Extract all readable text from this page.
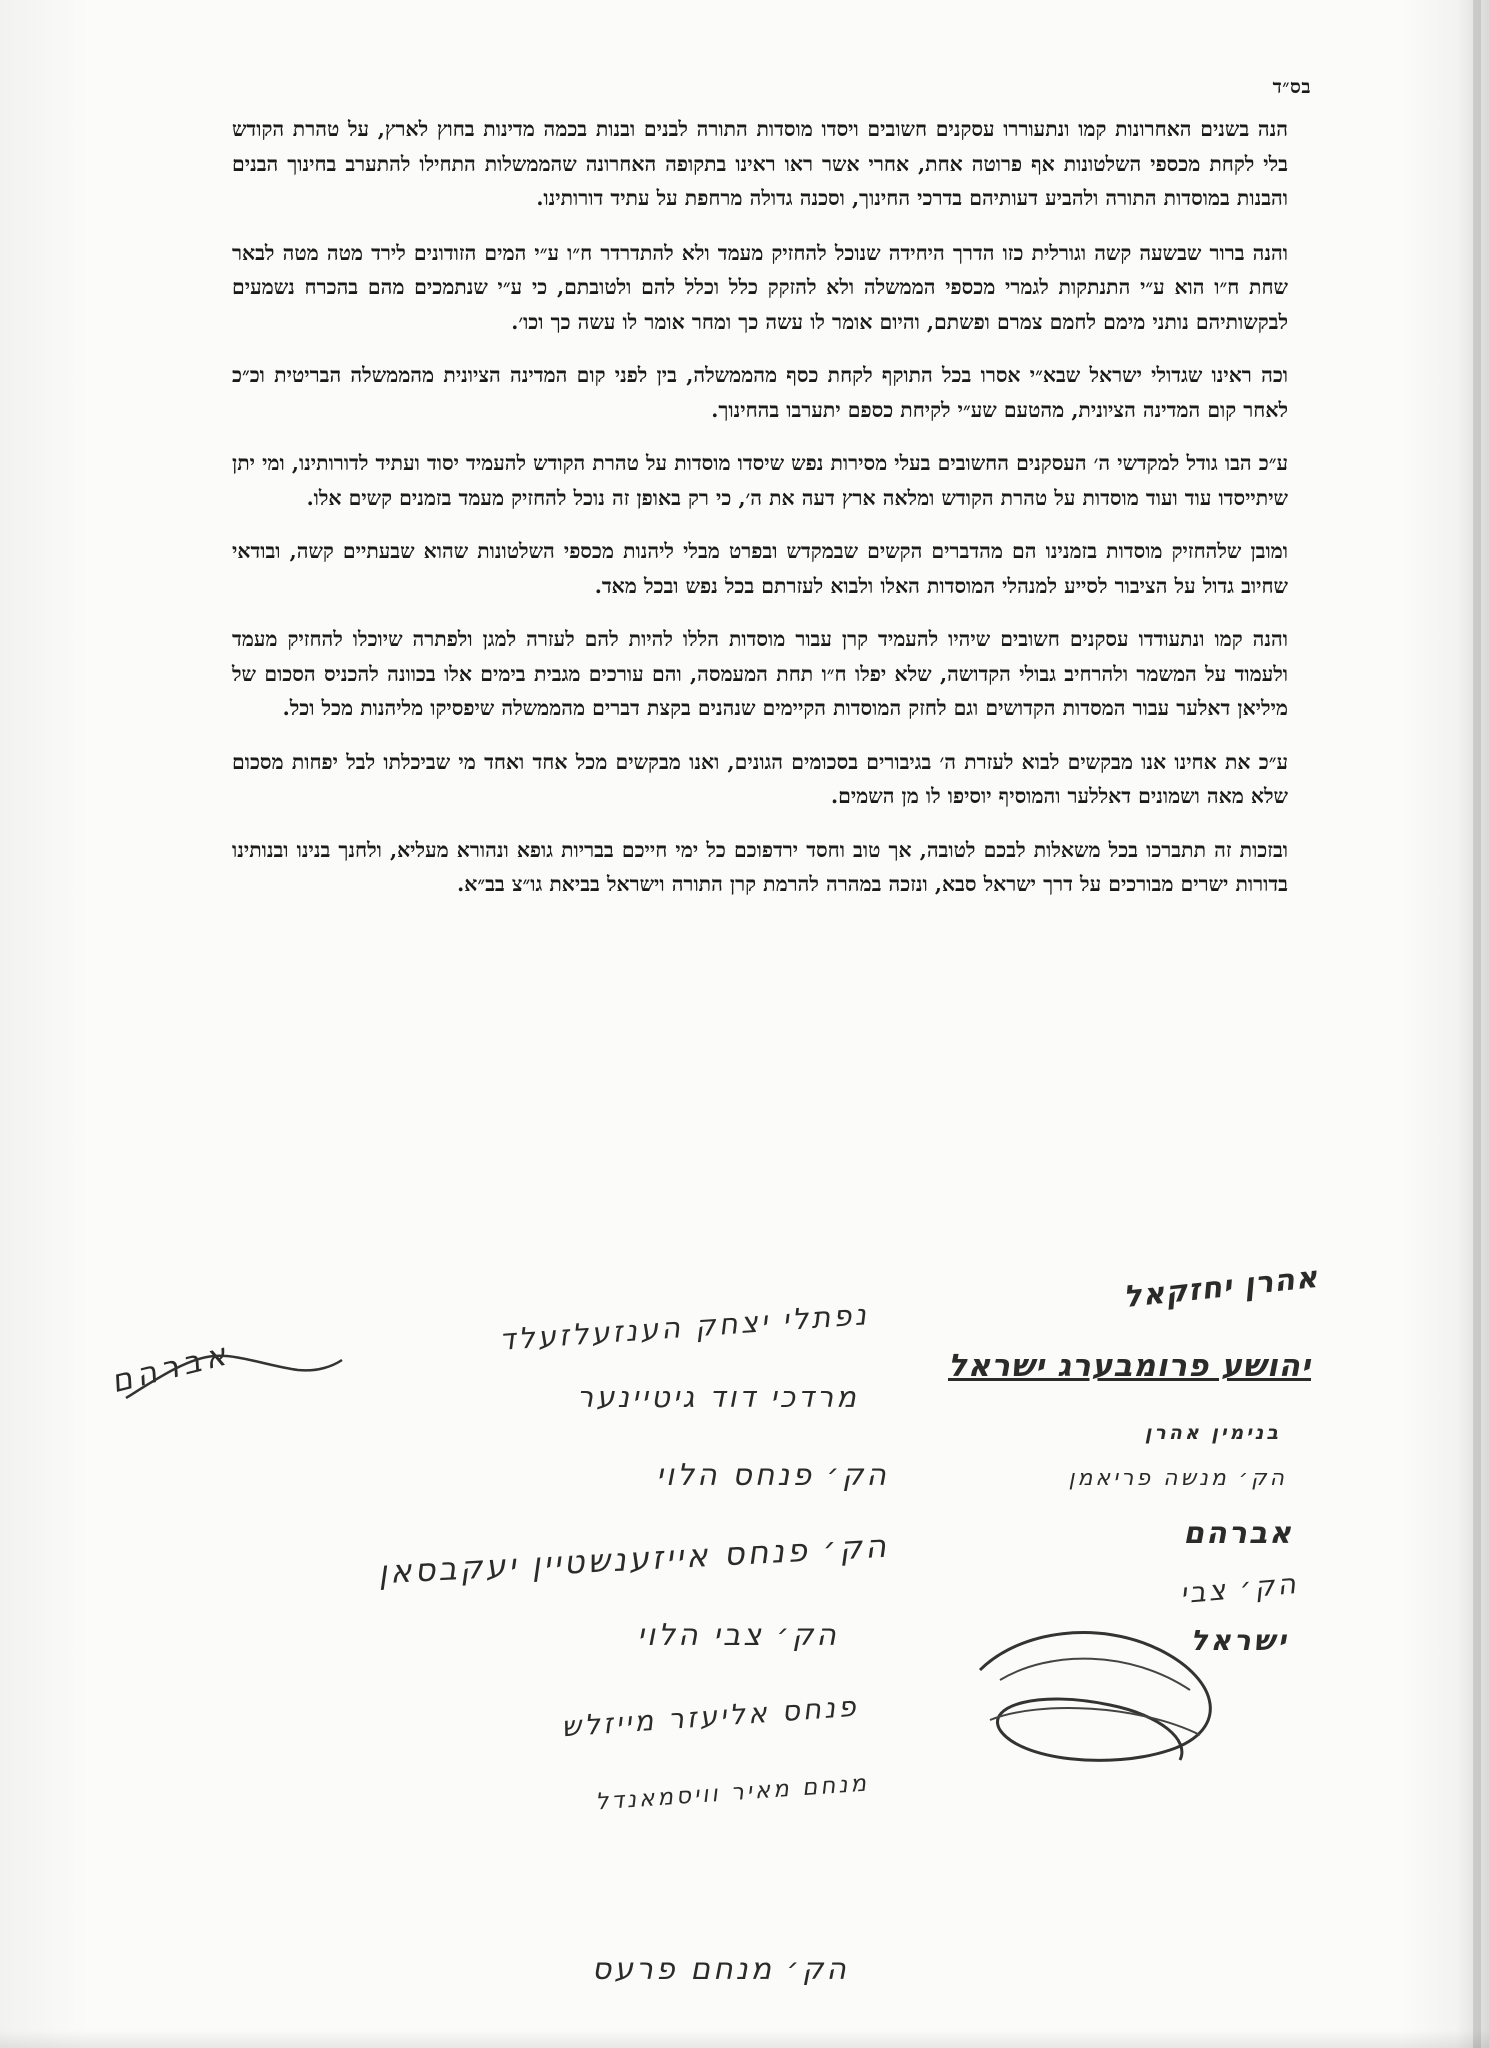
בס״ד

הנה בשנים האחרונות קמו ונתעוררו עסקנים חשובים ויסדו מוסדות התורה לבנים ובנות בכמה מדינות בחוץ לארץ, על טהרת הקודש בלי לקחת מכספי השלטונות אף פרוטה אחת, אחרי אשר ראו ראינו בתקופה האחרונה שהממשלות התחילו להתערב בחינוך הבנים והבנות במוסדות התורה ולהביע דעותיהם בדרכי החינוך, וסכנה גדולה מרחפת על עתיד דורותינו.

והנה ברור שבשעה קשה וגורלית כזו הדרך היחידה שנוכל להחזיק מעמד ולא להתדרדר ח״ו ע״י המים הזודונים לירד מטה מטה לבאר שחת ח״ו הוא ע״י התנתקות לגמרי מכספי הממשלה ולא להזקק כלל וכלל להם ולטובתם, כי ע״י שנתמכים מהם בהכרח נשמעים לבקשותיהם נותני מימם לחמם צמרם ופשתם, והיום אומר לו עשה כך ומחר אומר לו עשה כך וכו׳.

וכה ראינו שגדולי ישראל שבא״י אסרו בכל התוקף לקחת כסף מהממשלה, בין לפני קום המדינה הציונית מהממשלה הבריטית וכ״כ לאחר קום המדינה הציונית, מהטעם שע״י לקיחת כספם יתערבו בהחינוך.

ע״כ הבו גודל למקדשי ה׳ העסקנים החשובים בעלי מסירות נפש שיסדו מוסדות על טהרת הקודש להעמיד יסוד ועתיד לדורותינו, ומי יתן שיתייסדו עוד ועוד מוסדות על טהרת הקודש ומלאה ארץ דעה את ה׳, כי רק באופן זה נוכל להחזיק מעמד בזמנים קשים אלו.

ומובן שלהחזיק מוסדות בזמנינו הם מהדברים הקשים שבמקדש ובפרט מבלי ליהנות מכספי השלטונות שהוא שבעתיים קשה, ובודאי שחיוב גדול על הציבור לסייע למנהלי המוסדות האלו ולבוא לעזרתם בכל נפש ובכל מאד.

והנה קמו ונתעודדו עסקנים חשובים שיהיו להעמיד קרן עבור מוסדות הללו להיות להם לעזרה למגן ולפתרה שיוכלו להחזיק מעמד ולעמוד על המשמר ולהרחיב גבולי הקדושה, שלא יפלו ח״ו תחת המעמסה, והם עורכים מגבית בימים אלו בכוונה להכניס הסכום של מיליאן דאלער עבור המסדות הקדושים וגם לחזק המוסדות הקיימים שנהנים בקצת דברים מהממשלה שיפסיקו מליהנות מכל וכל.

ע״כ את אחינו אנו מבקשים לבוא לעזרת ה׳ בגיבורים בסכומים הגונים, ואנו מבקשים מכל אחד ואחד מי שביכלתו לבל יפחות מסכום שלא מאה ושמונים דאללער והמוסיף יוסיפו לו מן השמים.

ובזכות זה תתברכו בכל משאלות לבכם לטובה, אך טוב וחסד ירדפוכם כל ימי חייכם בבריות גופא ונהורא מעליא, ולחנך בנינו ובנותינו בדורות ישרים מבורכים על דרך ישראל סבא, ונזכה במהרה להרמת קרן התורה וישראל בביאת גו״צ בב״א.

אהרן יחזקאל
יהושע פרומבערג ישראל
בנימין אהרן
הק׳ מנשה פריאמן
אברהם
הק׳ צבי
ישראל
נפתלי יצחק הענזעלזעלד
מרדכי דוד גיטיינער
הק׳ פנחס הלוי
הק׳ פנחס אייזענשטיין יעקבסאן
הק׳ צבי הלוי
פנחס אליעזר מייזלש
מנחם מאיר וויסמאנדל
הק׳ מנחם פרעס
אברהם
